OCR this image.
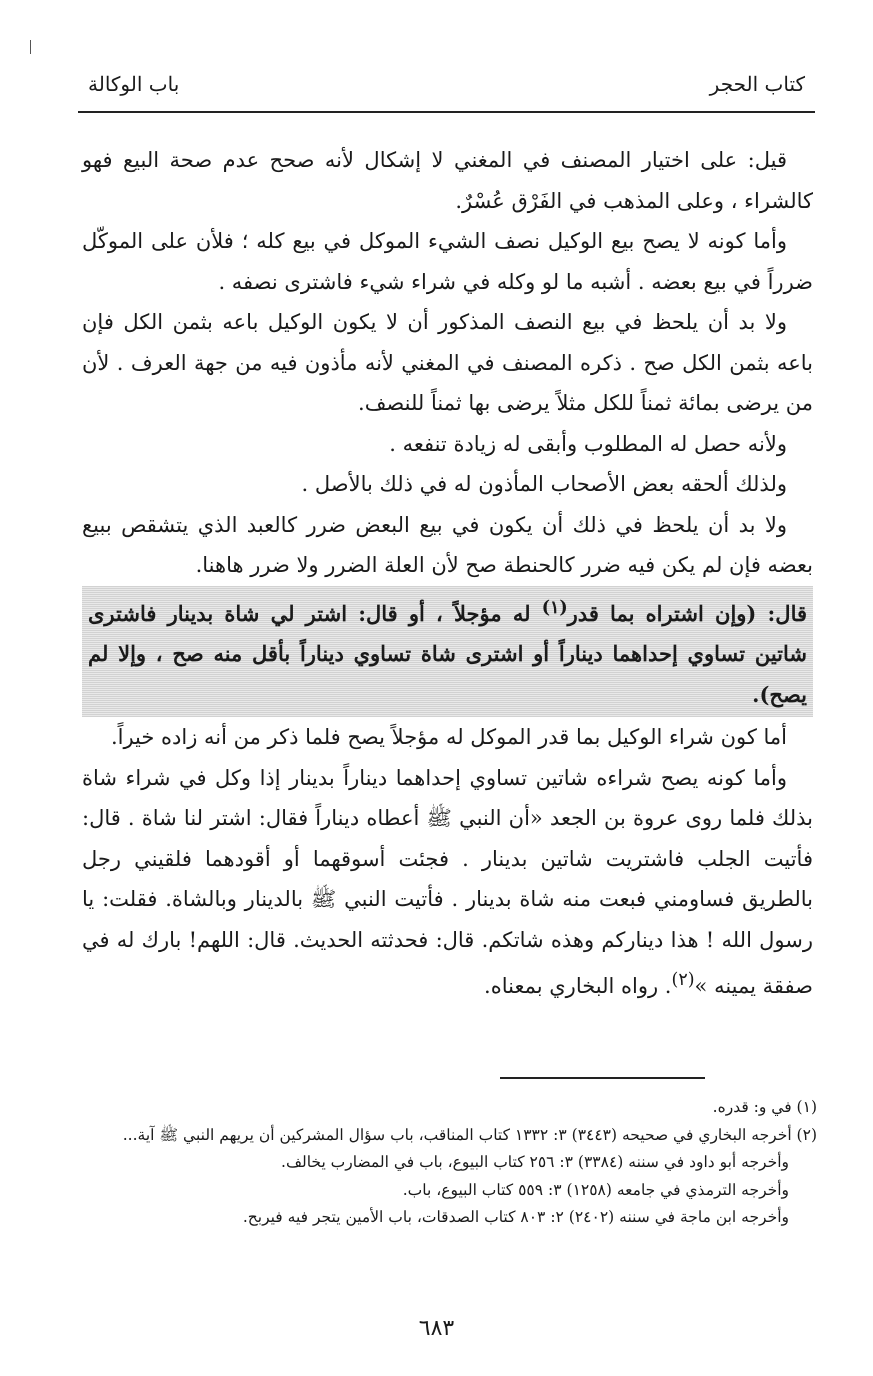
كتاب الحجر
باب الوكالة

قيل: على اختيار المصنف في المغني لا إشكال لأنه صحح عدم صحة البيع فهو كالشراء ، وعلى المذهب في الفَرْق عُسْرٌ.

وأما كونه لا يصح بيع الوكيل نصف الشيء الموكل في بيع كله ؛ فلأن على الموكّل ضرراً في بيع بعضه . أشبه ما لو وكله في شراء شيء فاشترى نصفه .

ولا بد أن يلحظ في بيع النصف المذكور أن لا يكون الوكيل باعه بثمن الكل فإن باعه بثمن الكل صح . ذكره المصنف في المغني لأنه مأذون فيه من جهة العرف . لأن من يرضى بمائة ثمناً للكل مثلاً يرضى بها ثمناً للنصف.

ولأنه حصل له المطلوب وأبقى له زيادة تنفعه .

ولذلك ألحقه بعض الأصحاب المأذون له في ذلك بالأصل .

ولا بد أن يلحظ في ذلك أن يكون في بيع البعض ضرر كالعبد الذي يتشقص ببيع بعضه فإن لم يكن فيه ضرر كالحنطة صح لأن العلة الضرر ولا ضرر هاهنا.

قال: (وإن اشتراه بما قدر$^{(١)}$ له مؤجلاً ، أو قال: اشتر لي شاة بدينار فاشترى شاتين تساوي إحداهما ديناراً أو اشترى شاة تساوي ديناراً بأقل منه صح ، وإلا لم يصح).

أما كون شراء الوكيل بما قدر الموكل له مؤجلاً يصح فلما ذكر من أنه زاده خيراً.

وأما كونه يصح شراءه شاتين تساوي إحداهما ديناراً بدينار إذا وكل في شراء شاة بذلك فلما روى عروة بن الجعد «أن النبي ﷺ أعطاه ديناراً فقال: اشتر لنا شاة . قال: فأتيت الجلب فاشتريت شاتين بدينار . فجئت أسوقهما أو أقودهما فلقيني رجل بالطريق فساومني فبعت منه شاة بدينار . فأتيت النبي ﷺ بالدينار وبالشاة. فقلت: يا رسول الله ! هذا ديناركم وهذه شاتكم. قال: فحدثته الحديث. قال: اللهم! بارك له في صفقة يمينه »$^{(٢)}$. رواه البخاري بمعناه.

(١) في و: قدره.

(٢) أخرجه البخاري في صحيحه (٣٤٤٣) ٣: ١٣٣٢ كتاب المناقب، باب سؤال المشركين أن يريهم النبي ﷺ آية...

وأخرجه أبو داود في سننه (٣٣٨٤) ٣: ٢٥٦ كتاب البيوع، باب في المضارب يخالف.

وأخرجه الترمذي في جامعه (١٢٥٨) ٣: ٥٥٩ كتاب البيوع، باب.

وأخرجه ابن ماجة في سننه (٢٤٠٢) ٢: ٨٠٣ كتاب الصدقات، باب الأمين يتجر فيه فيربح.

٦٨٣
